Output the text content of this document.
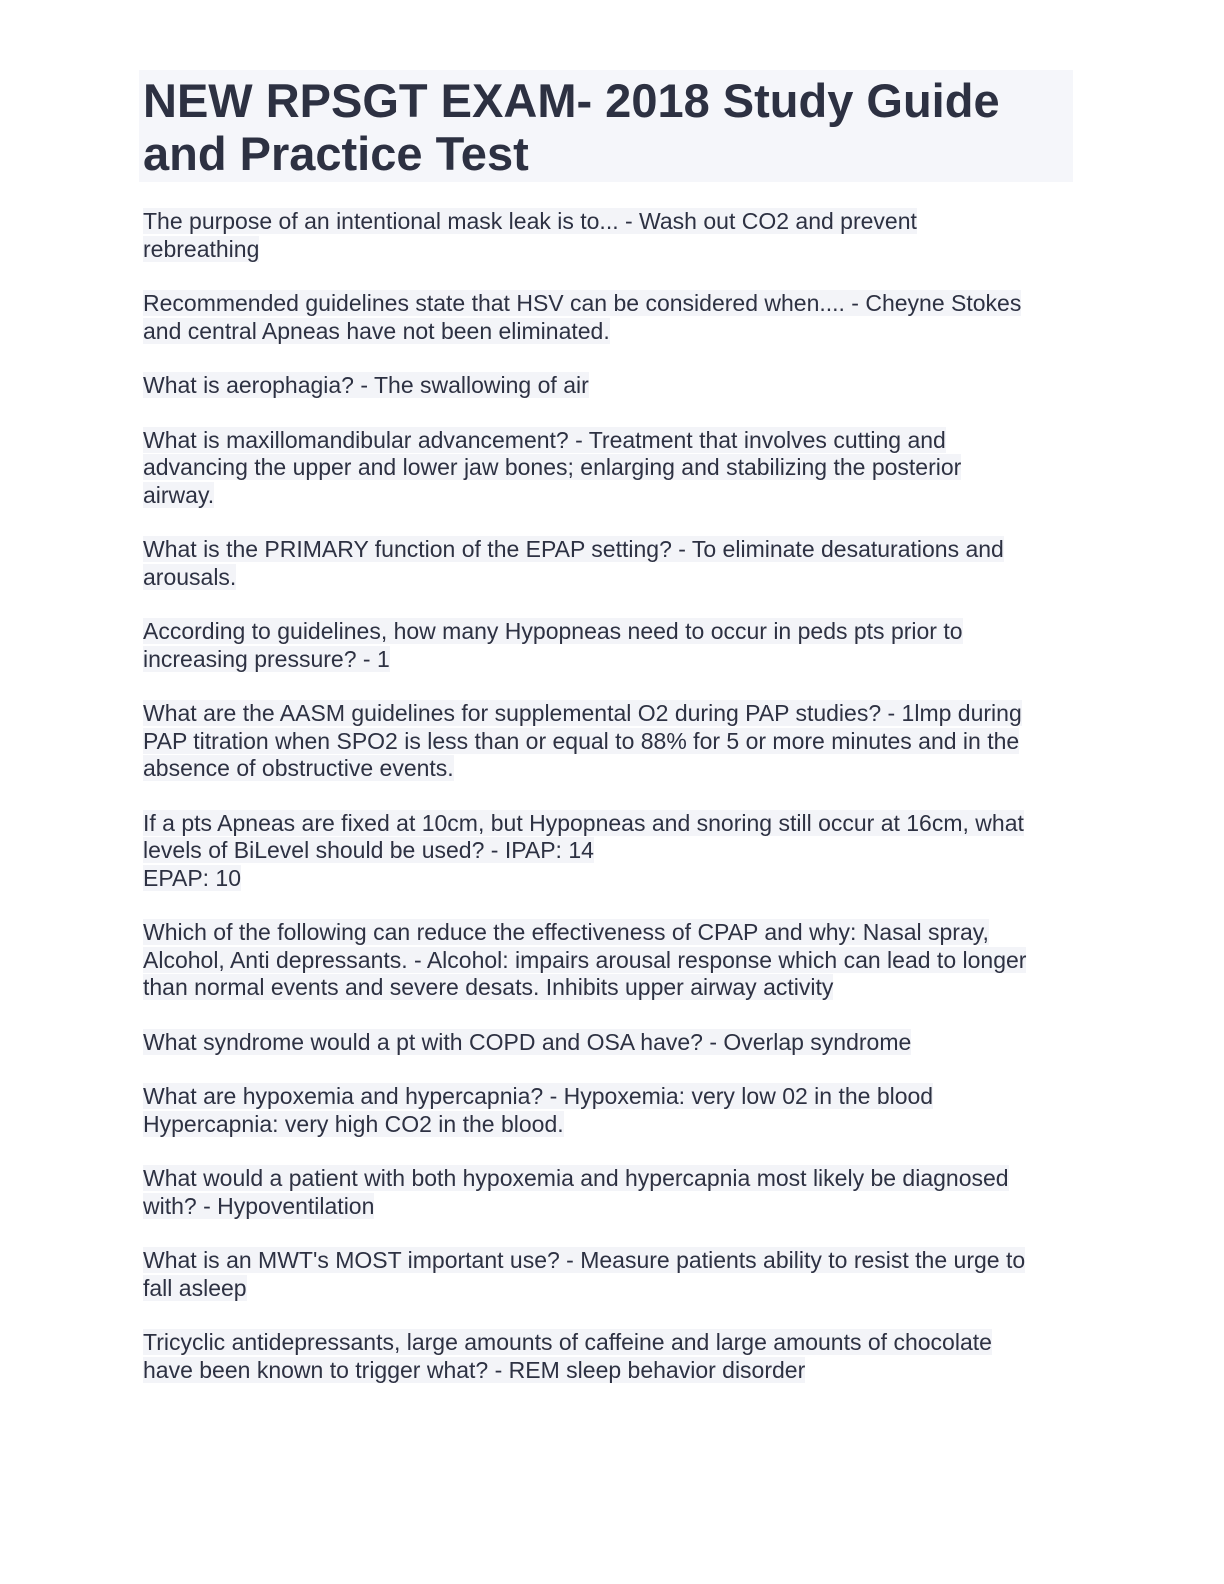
NEW RPSGT EXAM- 2018 Study Guide
and Practice Test

The purpose of an intentional mask leak is to... - Wash out CO2 and prevent
rebreathing

Recommended guidelines state that HSV can be considered when.... - Cheyne Stokes
and central Apneas have not been eliminated.

What is aerophagia? - The swallowing of air

What is maxillomandibular advancement? - Treatment that involves cutting and
advancing the upper and lower jaw bones; enlarging and stabilizing the posterior
airway.

What is the PRIMARY function of the EPAP setting? - To eliminate desaturations and
arousals.

According to guidelines, how many Hypopneas need to occur in peds pts prior to
increasing pressure? - 1

What are the AASM guidelines for supplemental O2 during PAP studies? - 1lmp during
PAP titration when SPO2 is less than or equal to 88% for 5 or more minutes and in the
absence of obstructive events.

If a pts Apneas are fixed at 10cm, but Hypopneas and snoring still occur at 16cm, what
levels of BiLevel should be used? - IPAP: 14
EPAP: 10

Which of the following can reduce the effectiveness of CPAP and why: Nasal spray,
Alcohol, Anti depressants. - Alcohol: impairs arousal response which can lead to longer
than normal events and severe desats. Inhibits upper airway activity

What syndrome would a pt with COPD and OSA have? - Overlap syndrome

What are hypoxemia and hypercapnia? - Hypoxemia: very low 02 in the blood
Hypercapnia: very high CO2 in the blood.

What would a patient with both hypoxemia and hypercapnia most likely be diagnosed
with? - Hypoventilation

What is an MWT's MOST important use? - Measure patients ability to resist the urge to
fall asleep

Tricyclic antidepressants, large amounts of caffeine and large amounts of chocolate
have been known to trigger what? - REM sleep behavior disorder
